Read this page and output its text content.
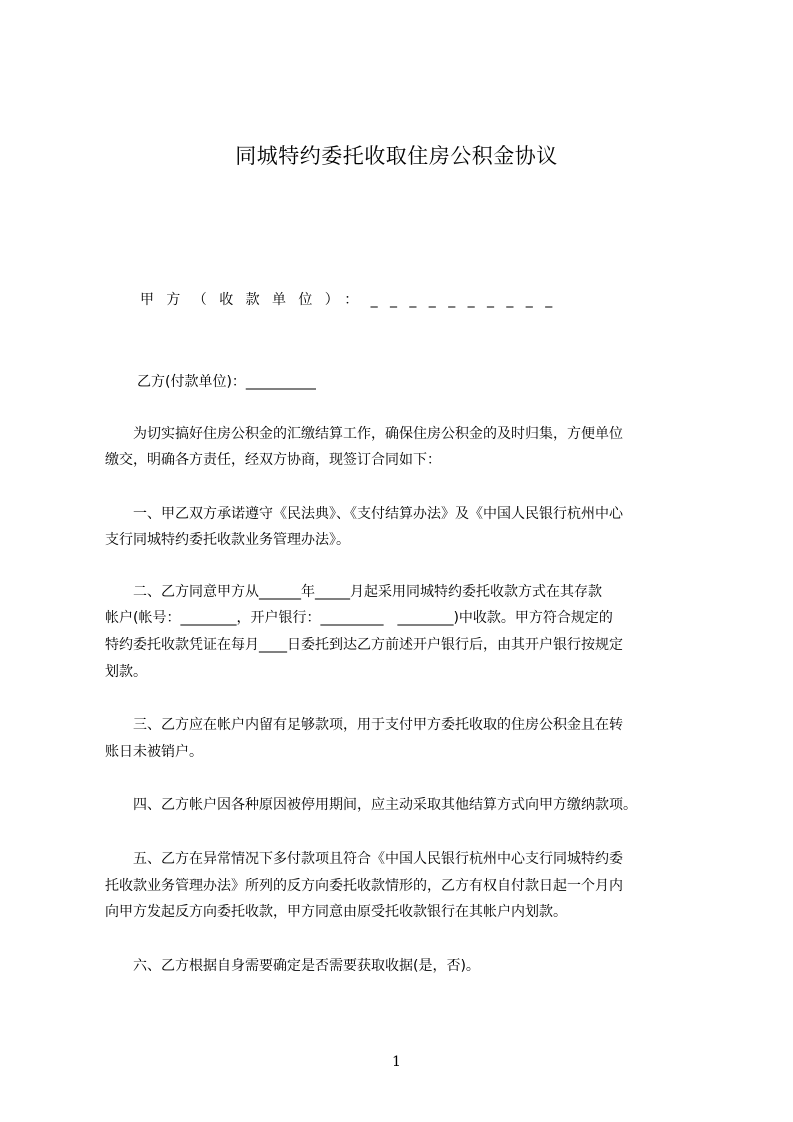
同城特约委托收取住房公积金协议
甲方（收款单位）：__________
乙方(付款单位)：__________
　　为切实搞好住房公积金的汇缴结算工作，确保住房公积金的及时归集，方便单位
缴交，明确各方责任，经双方协商，现签订合同如下：
　　一、甲乙双方承诺遵守《民法典》、《支付结算办法》及《中国人民银行杭州中心
支行同城特约委托收款业务管理办法》。
　　二、乙方同意甲方从______年_____月起采用同城特约委托收款方式在其存款
帐户(帐号：________，开户银行：_________　________)中收款。甲方符合规定的
特约委托收款凭证在每月____日委托到达乙方前述开户银行后，由其开户银行按规定
划款。
　　三、乙方应在帐户内留有足够款项，用于支付甲方委托收取的住房公积金且在转
账日未被销户。
　　四、乙方帐户因各种原因被停用期间，应主动采取其他结算方式向甲方缴纳款项。
　　五、乙方在异常情况下多付款项且符合《中国人民银行杭州中心支行同城特约委
托收款业务管理办法》所列的反方向委托收款情形的，乙方有权自付款日起一个月内
向甲方发起反方向委托收款，甲方同意由原受托收款银行在其帐户内划款。
　　六、乙方根据自身需要确定是否需要获取收据(是，否)。
1
